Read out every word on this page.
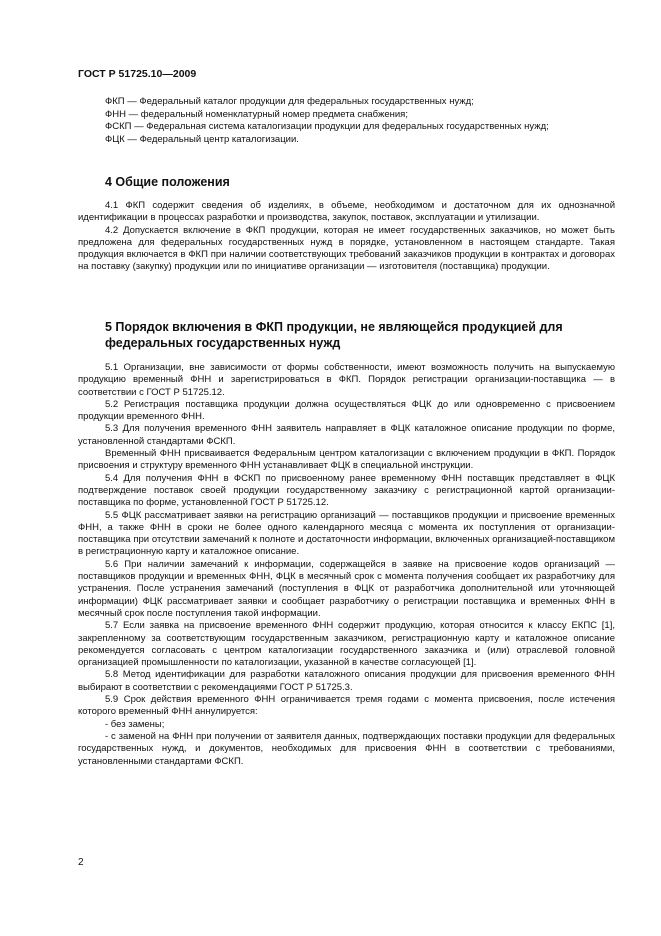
ГОСТ Р 51725.10—2009

ФКП — Федеральный каталог продукции для федеральных государственных нужд;

ФНН — федеральный номенклатурный номер предмета снабжения;

ФСКП — Федеральная система каталогизации продукции для федеральных государственных нужд;

ФЦК — Федеральный центр каталогизации.

4 Общие положения

4.1 ФКП содержит сведения об изделиях, в объеме, необходимом и достаточном для их однозначной идентификации в процессах разработки и производства, закупок, поставок, эксплуатации и утилизации.

4.2 Допускается включение в ФКП продукции, которая не имеет государственных заказчиков, но может быть предложена для федеральных государственных нужд в порядке, установленном в настоящем стандарте. Такая продукция включается в ФКП при наличии соответствующих требований заказчиков продукции в контрактах и договорах на поставку (закупку) продукции или по инициативе организации — изготовителя (поставщика) продукции.

5 Порядок включения в ФКП продукции, не являющейся продукцией для федеральных государственных нужд

5.1 Организации, вне зависимости от формы собственности, имеют возможность получить на выпускаемую продукцию временный ФНН и зарегистрироваться в ФКП. Порядок регистрации организации-поставщика — в соответствии с ГОСТ Р 51725.12.

5.2 Регистрация поставщика продукции должна осуществляться ФЦК до или одновременно с присвоением продукции временного ФНН.

5.3 Для получения временного ФНН заявитель направляет в ФЦК каталожное описание продукции по форме, установленной стандартами ФСКП.

Временный ФНН присваивается Федеральным центром каталогизации с включением продукции в ФКП. Порядок присвоения и структуру временного ФНН устанавливает ФЦК в специальной инструкции.

5.4 Для получения ФНН в ФСКП по присвоенному ранее временному ФНН поставщик представляет в ФЦК подтверждение поставок своей продукции государственному заказчику с регистрационной картой организации-поставщика по форме, установленной ГОСТ Р 51725.12.

5.5 ФЦК рассматривает заявки на регистрацию организаций — поставщиков продукции и присвоение временных ФНН, а также ФНН в сроки не более одного календарного месяца с момента их поступления от организации-поставщика при отсутствии замечаний к полноте и достаточности информации, включенных организацией-поставщиком в регистрационную карту и каталожное описание.

5.6 При наличии замечаний к информации, содержащейся в заявке на присвоение кодов организаций — поставщиков продукции и временных ФНН, ФЦК в месячный срок с момента получения сообщает их разработчику для устранения. После устранения замечаний (поступления в ФЦК от разработчика дополнительной или уточняющей информации) ФЦК рассматривает заявки и сообщает разработчику о регистрации поставщика и временных ФНН в месячный срок после поступления такой информации.

5.7 Если заявка на присвоение временного ФНН содержит продукцию, которая относится к классу ЕКПС [1], закрепленному за соответствующим государственным заказчиком, регистрационную карту и каталожное описание рекомендуется согласовать с центром каталогизации государственного заказчика и (или) отраслевой головной организацией промышленности по каталогизации, указанной в качестве согласующей [1].

5.8 Метод идентификации для разработки каталожного описания продукции для присвоения временного ФНН выбирают в соответствии с рекомендациями ГОСТ Р 51725.3.

5.9 Срок действия временного ФНН ограничивается тремя годами с момента присвоения, после истечения которого временный ФНН аннулируется:

- без замены;

- с заменой на ФНН при получении от заявителя данных, подтверждающих поставки продукции для федеральных государственных нужд, и документов, необходимых для присвоения ФНН в соответствии с требованиями, установленными стандартами ФСКП.

2
